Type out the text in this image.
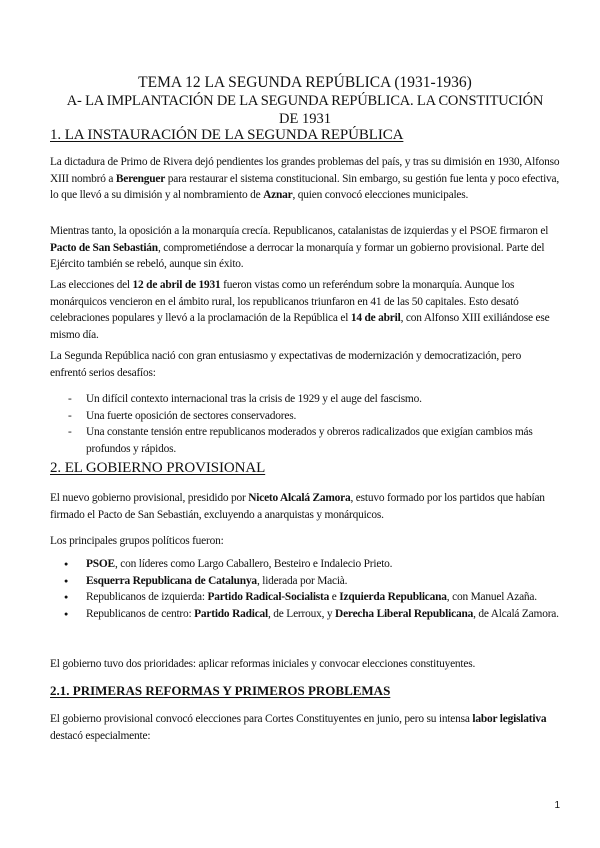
TEMA 12 LA SEGUNDA REPÚBLICA (1931-1936)
A- LA IMPLANTACIÓN DE LA SEGUNDA REPÚBLICA. LA CONSTITUCIÓN
DE 1931
1. LA INSTAURACIÓN DE LA SEGUNDA REPÚBLICA
La dictadura de Primo de Rivera dejó pendientes los grandes problemas del país, y tras su dimisión en 1930, Alfonso XIII nombró a Berenguer para restaurar el sistema constitucional. Sin embargo, su gestión fue lenta y poco efectiva, lo que llevó a su dimisión y al nombramiento de Aznar, quien convocó elecciones municipales.
Mientras tanto, la oposición a la monarquía crecía. Republicanos, catalanistas de izquierdas y el PSOE firmaron el Pacto de San Sebastián, comprometiéndose a derrocar la monarquía y formar un gobierno provisional. Parte del Ejército también se rebeló, aunque sin éxito.
Las elecciones del 12 de abril de 1931 fueron vistas como un referéndum sobre la monarquía. Aunque los monárquicos vencieron en el ámbito rural, los republicanos triunfaron en 41 de las 50 capitales. Esto desató celebraciones populares y llevó a la proclamación de la República el 14 de abril, con Alfonso XIII exiliándose ese mismo día.
La Segunda República nació con gran entusiasmo y expectativas de modernización y democratización, pero enfrentó serios desafíos:
- Un difícil contexto internacional tras la crisis de 1929 y el auge del fascismo.
- Una fuerte oposición de sectores conservadores.
- Una constante tensión entre republicanos moderados y obreros radicalizados que exigían cambios más profundos y rápidos.
2. EL GOBIERNO PROVISIONAL
El nuevo gobierno provisional, presidido por Niceto Alcalá Zamora, estuvo formado por los partidos que habían firmado el Pacto de San Sebastián, excluyendo a anarquistas y monárquicos.
Los principales grupos políticos fueron:
● PSOE, con líderes como Largo Caballero, Besteiro e Indalecio Prieto.
● Esquerra Republicana de Catalunya, liderada por Macià.
● Republicanos de izquierda: Partido Radical-Socialista e Izquierda Republicana, con Manuel Azaña.
● Republicanos de centro: Partido Radical, de Lerroux, y Derecha Liberal Republicana, de Alcalá Zamora.
El gobierno tuvo dos prioridades: aplicar reformas iniciales y convocar elecciones constituyentes.
2.1. PRIMERAS REFORMAS Y PRIMEROS PROBLEMAS
El gobierno provisional convocó elecciones para Cortes Constituyentes en junio, pero su intensa labor legislativa destacó especialmente:
1
